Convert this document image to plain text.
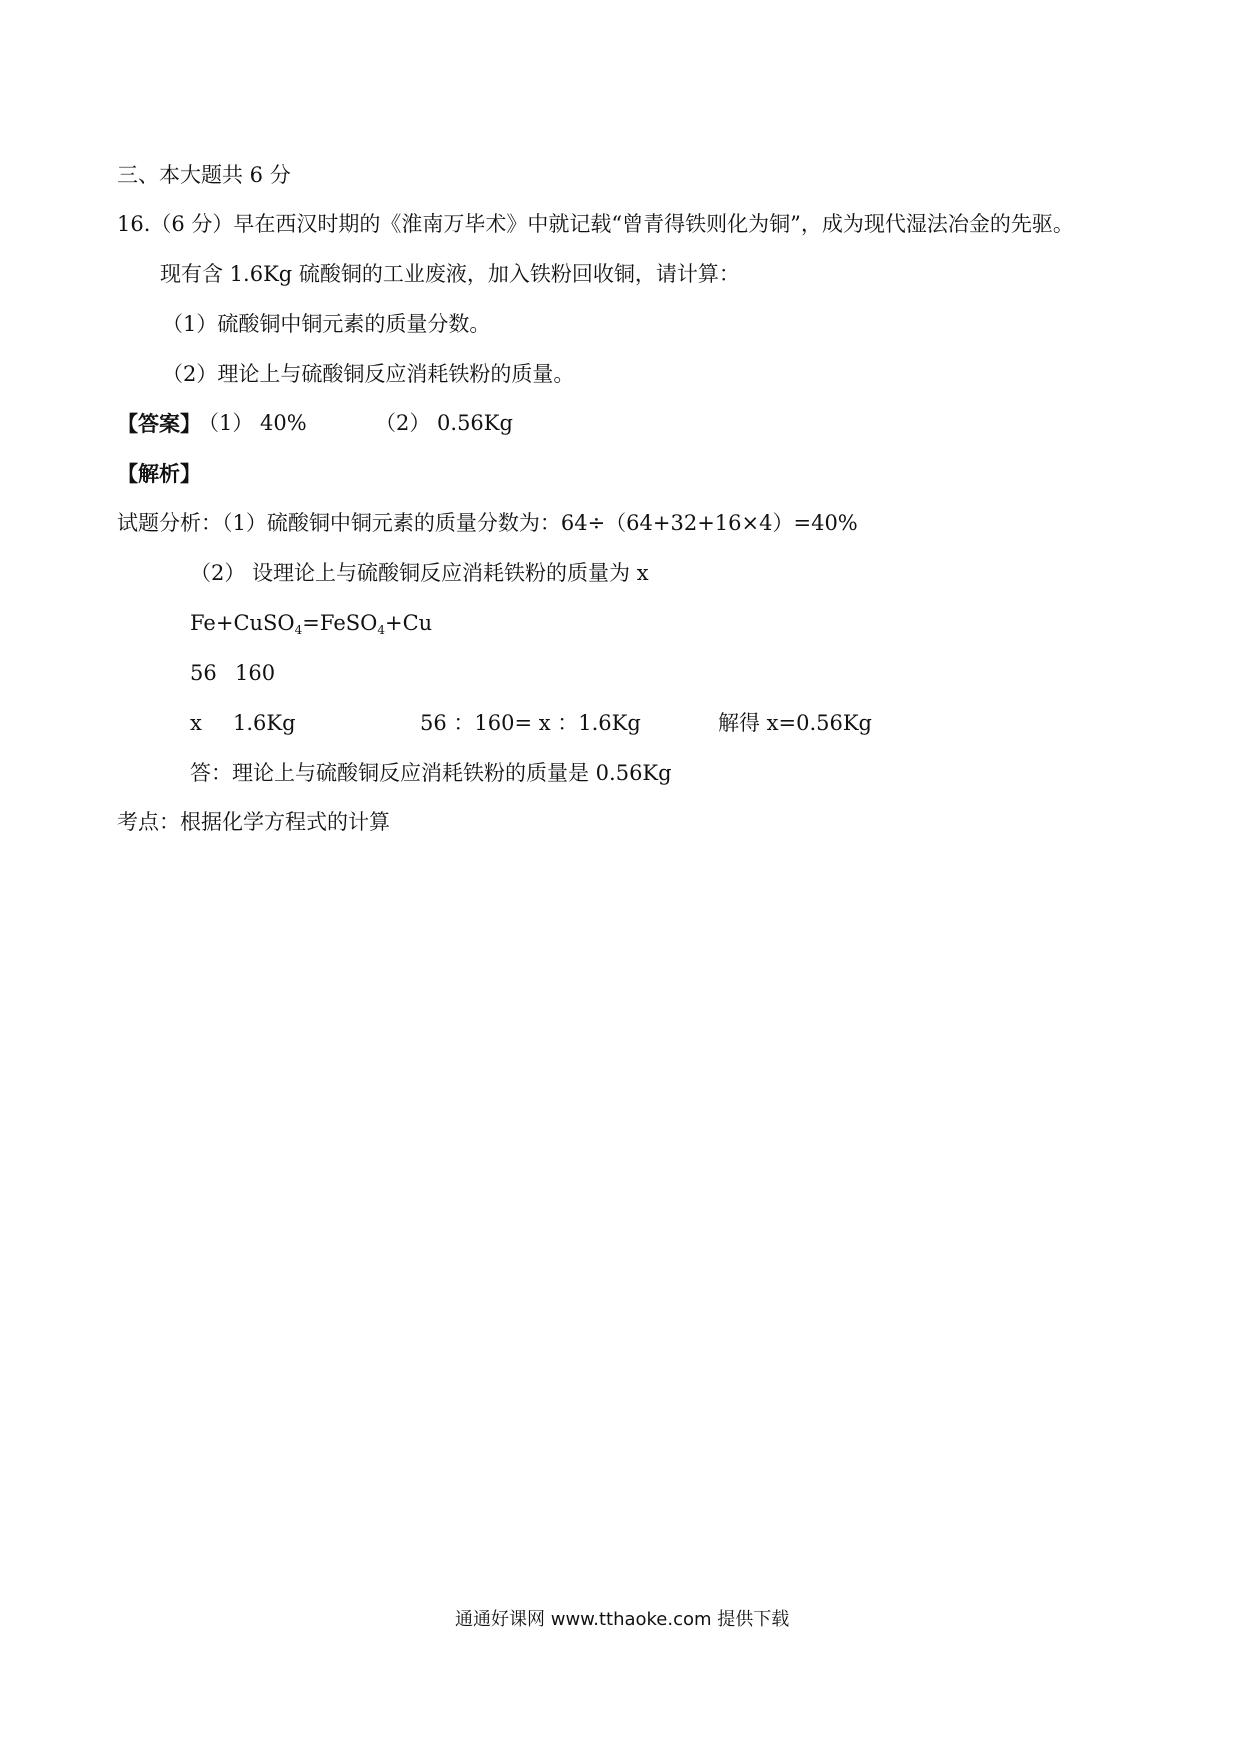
三、本大题共 6 分
16.（6 分）早在西汉时期的《淮南万毕术》中就记载“曾青得铁则化为铜”，成为现代湿法冶金的先驱。
现有含 1.6Kg 硫酸铜的工业废液，加入铁粉回收铜，请计算：
（1）硫酸铜中铜元素的质量分数。
（2）理论上与硫酸铜反应消耗铁粉的质量。
【答案】
（1） 40%	（2） 0.56Kg
【解析】
试题分析：（1）硫酸铜中铜元素的质量分数为：64÷（64+32+16×4）=40%
（2） 设理论上与硫酸铜反应消耗铁粉的质量为 x
Fe+CuSO$_4$=FeSO$_4$+Cu
56 160
x 1.6Kg	56 ：160= x ：1.6Kg	解得 x=0.56Kg
答：理论上与硫酸铜反应消耗铁粉的质量是 0.56Kg
考点：根据化学方程式的计算
通通好课网 www.tthaoke.com 提供下载
